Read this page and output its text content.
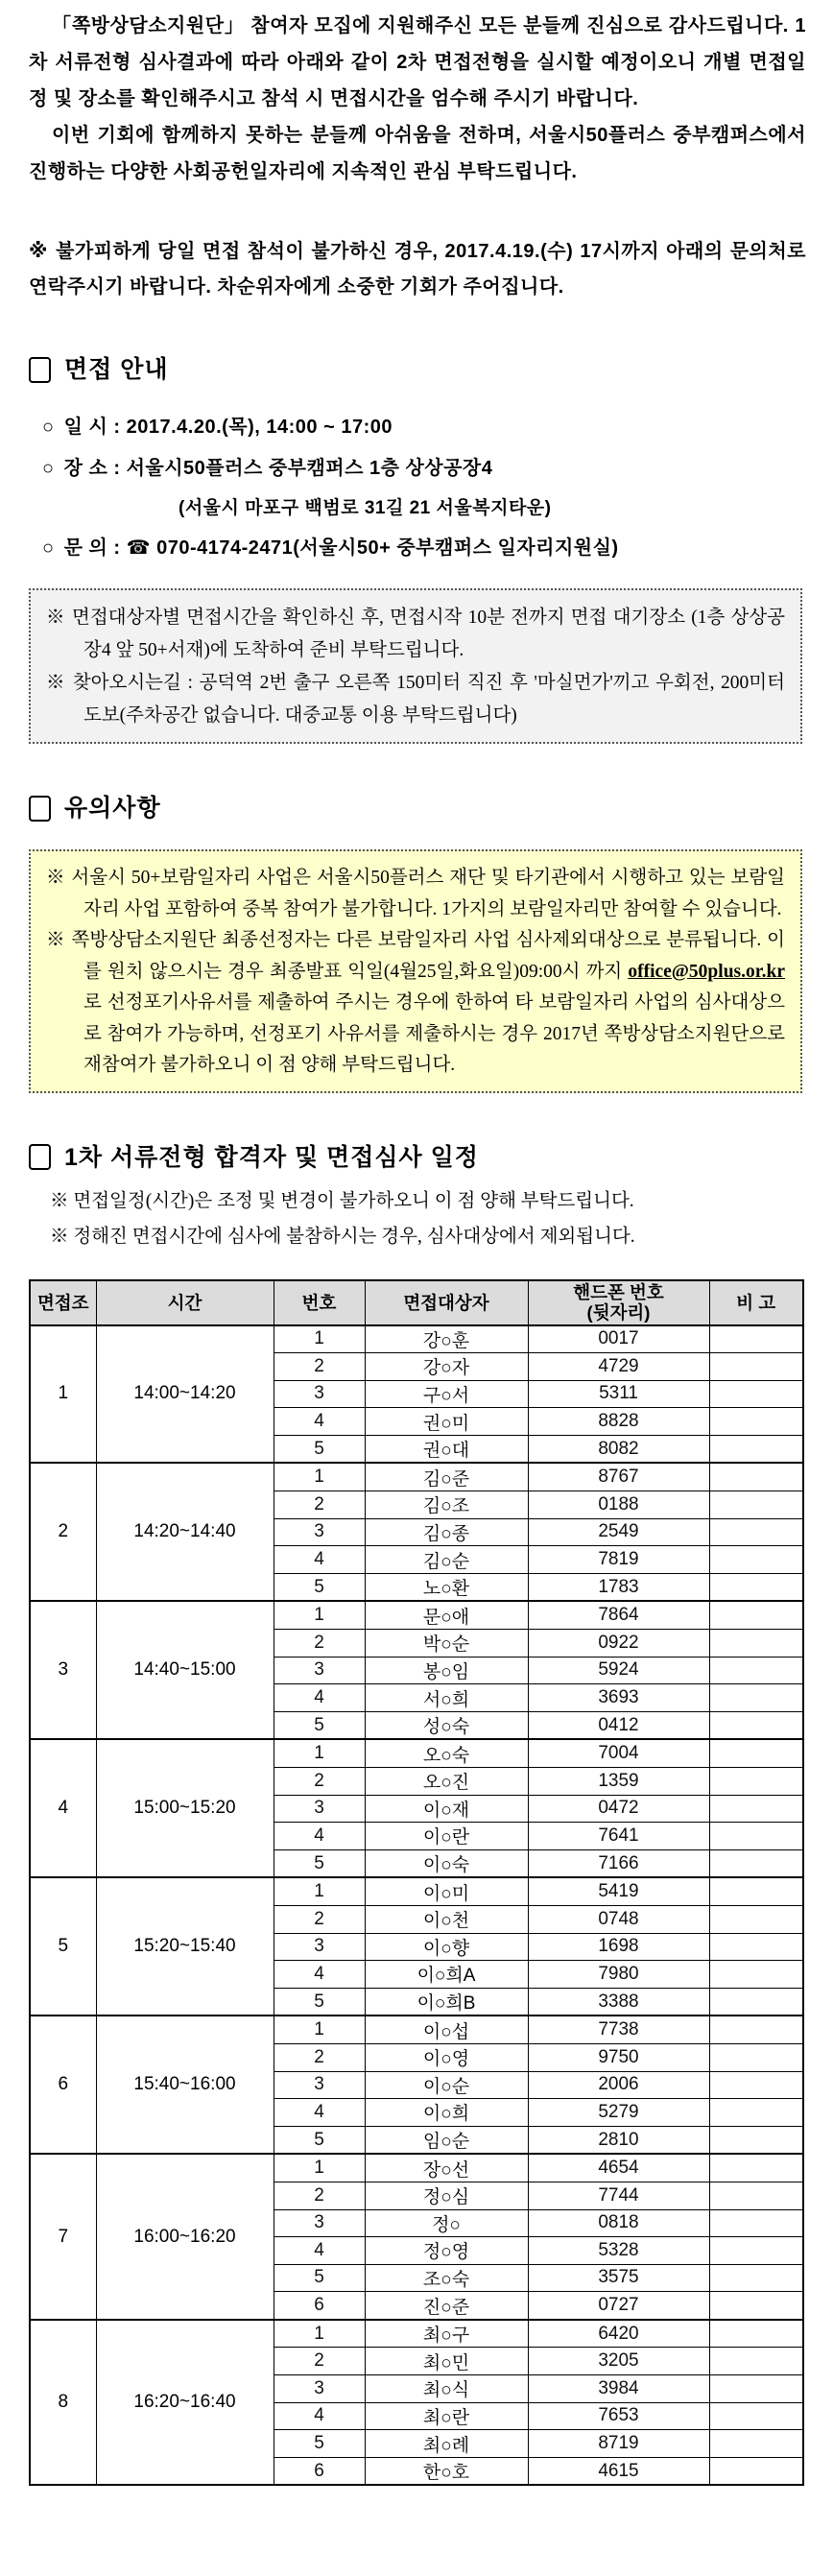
「쪽방상담소지원단」 참여자 모집에 지원해주신 모든 분들께 진심으로 감사드립니다. 1차 서류전형 심사결과에 따라 아래와 같이 2차 면접전형을 실시할 예정이오니 개별 면접일정 및 장소를 확인해주시고 참석 시 면접시간을 엄수해 주시기 바랍니다.

이번 기회에 함께하지 못하는 분들께 아쉬움을 전하며, 서울시50플러스 중부캠퍼스에서 진행하는 다양한 사회공헌일자리에 지속적인 관심 부탁드립니다.

※ 불가피하게 당일 면접 참석이 불가하신 경우, 2017.4.19.(수) 17시까지 아래의 문의처로 연락주시기 바랍니다. 차순위자에게 소중한 기회가 주어집니다.

면접 안내
○ 일 시 : 2017.4.20.(목), 14:00 ~ 17:00
○ 장 소 : 서울시50플러스 중부캠퍼스 1층 상상공장4
(서울시 마포구 백범로 31길 21 서울복지타운)
○ 문 의 : ☎ 070-4174-2471(서울시50+ 중부캠퍼스 일자리지원실)

※ 면접대상자별 면접시간을 확인하신 후, 면접시작 10분 전까지 면접 대기장소 (1층 상상공장4 앞 50+서재)에 도착하여 준비 부탁드립니다.

※ 찾아오시는길 : 공덕역 2번 출구 오른쪽 150미터 직진 후 '마실먼가'끼고 우회전, 200미터 도보(주차공간 없습니다. 대중교통 이용 부탁드립니다)

유의사항

※ 서울시 50+보람일자리 사업은 서울시50플러스 재단 및 타기관에서 시행하고 있는 보람일자리 사업 포함하여 중복 참여가 불가합니다. 1가지의 보람일자리만 참여할 수 있습니다.

※ 쪽방상담소지원단 최종선정자는 다른 보람일자리 사업 심사제외대상으로 분류됩니다. 이를 원치 않으시는 경우 최종발표 익일(4월25일,화요일)09:00시 까지 office@50plus.or.kr로 선정포기사유서를 제출하여 주시는 경우에 한하여 타 보람일자리 사업의 심사대상으로 참여가 가능하며, 선정포기 사유서를 제출하시는 경우 2017년 쪽방상담소지원단으로 재참여가 불가하오니 이 점 양해 부탁드립니다.

1차 서류전형 합격자 및 면접심사 일정

※ 면접일정(시간)은 조정 및 변경이 불가하오니 이 점 양해 부탁드립니다.

※ 정해진 면접시간에 심사에 불참하시는 경우, 심사대상에서 제외됩니다.

면접조	시간	번호	면접대상자	핸드폰 번호
(뒷자리)	비 고
1	14:00~14:20	1	강○훈	0017	
		2	강○자	4729	
		3	구○서	5311	
		4	권○미	8828	
		5	권○대	8082	
2	14:20~14:40	1	김○준	8767	
		2	김○조	0188	
		3	김○종	2549	
		4	김○순	7819	
		5	노○환	1783	
3	14:40~15:00	1	문○애	7864	
		2	박○순	0922	
		3	봉○임	5924	
		4	서○희	3693	
		5	성○숙	0412	
4	15:00~15:20	1	오○숙	7004	
		2	오○진	1359	
		3	이○재	0472	
		4	이○란	7641	
		5	이○숙	7166	
5	15:20~15:40	1	이○미	5419	
		2	이○천	0748	
		3	이○향	1698	
		4	이○희A	7980	
		5	이○희B	3388	
6	15:40~16:00	1	이○섭	7738	
		2	이○영	9750	
		3	이○순	2006	
		4	이○희	5279	
		5	임○순	2810	
7	16:00~16:20	1	장○선	4654	
		2	정○심	7744	
		3	정○	0818	
		4	정○영	5328	
		5	조○숙	3575	
		6	진○준	0727	
8	16:20~16:40	1	최○구	6420	
		2	최○민	3205	
		3	최○식	3984	
		4	최○란	7653	
		5	최○례	8719	
		6	한○호	4615	
